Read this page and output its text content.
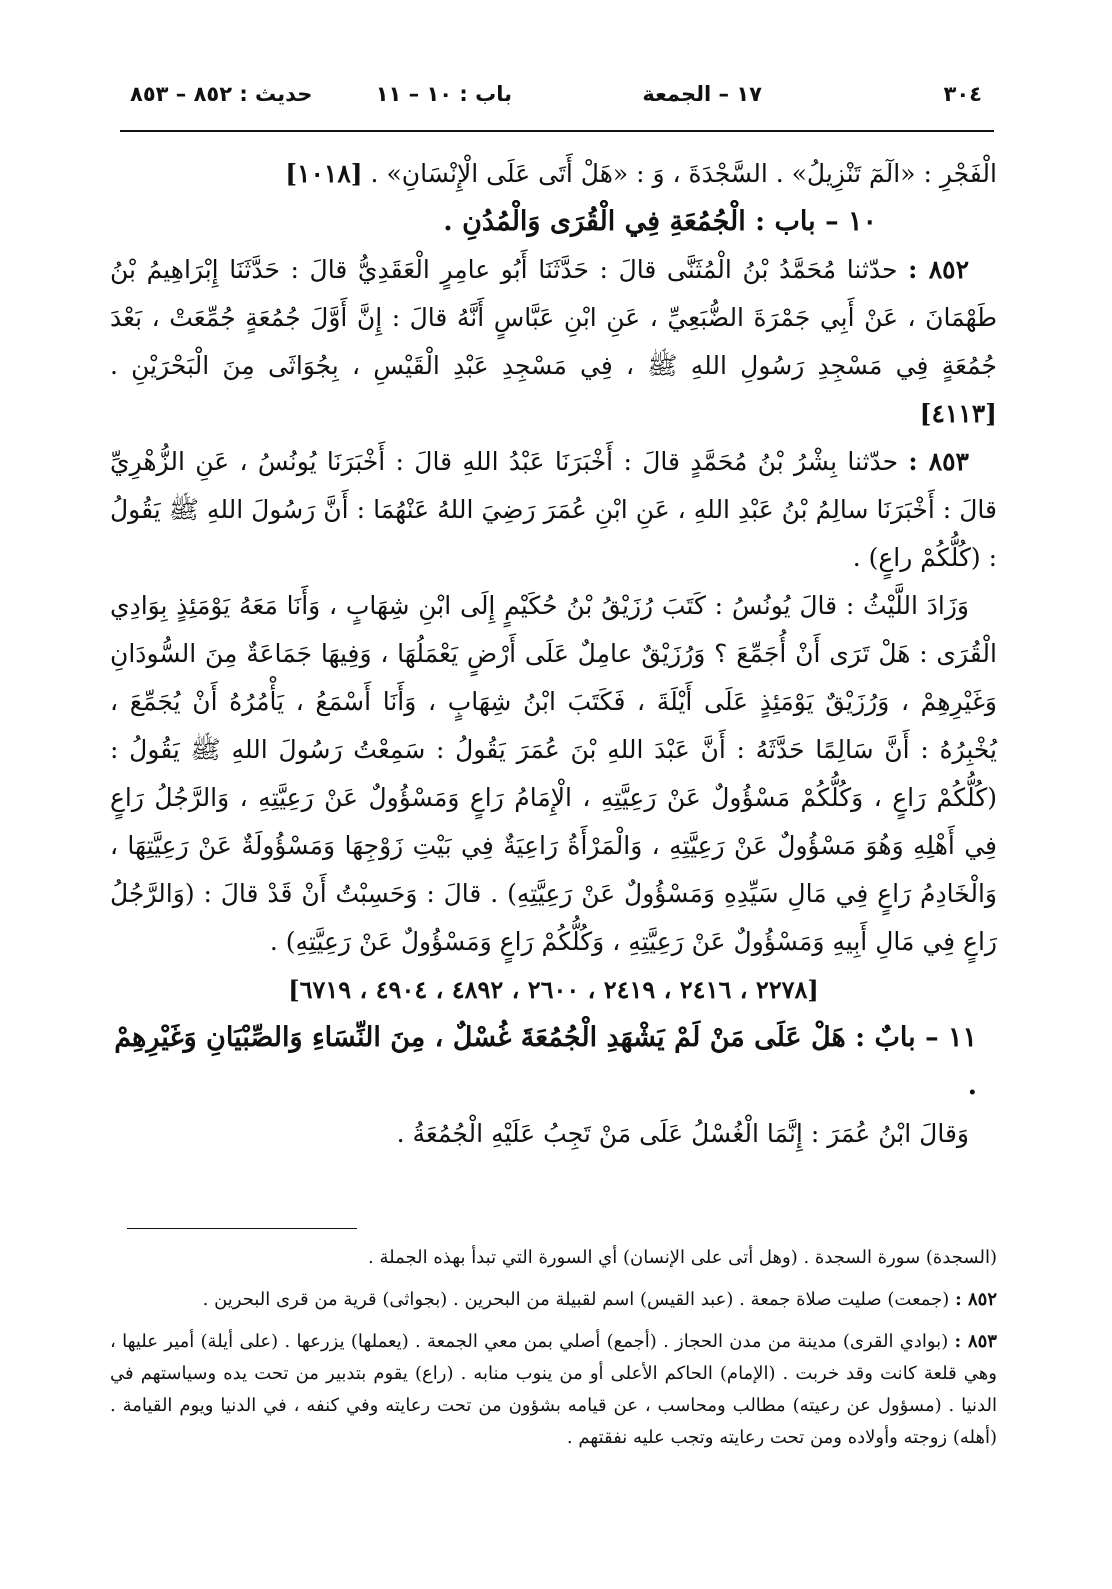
٣٠٤
١٧ – الجمعة
باب : ١٠ – ١١
حديث : ٨٥٢ – ٨٥٣

الْفَجْرِ : «الٓمٓ تَنْزِيلُ» . السَّجْدَةَ ، وَ : «هَلْ أَتَى عَلَى الْإِنْسَانِ» . [١٠١٨]

١٠ – باب : الْجُمُعَةِ فِي الْقُرَى وَالْمُدُنِ .

٨٥٢ : حدّثنا مُحَمَّدُ بْنُ الْمُثَنَّى قالَ : حَدَّثَنَا أَبُو عامِرٍ الْعَقَدِيُّ قالَ : حَدَّثَنَا إِبْرَاهِيمُ بْنُ طَهْمَانَ ، عَنْ أَبِي جَمْرَةَ الضُّبَعِيِّ ، عَنِ ابْنِ عَبَّاسٍ أَنَّهُ قالَ : إِنَّ أَوَّلَ جُمُعَةٍ جُمِّعَتْ ، بَعْدَ جُمُعَةٍ فِي مَسْجِدِ رَسُولِ اللهِ ﷺ ، فِي مَسْجِدِ عَبْدِ الْقَيْسِ ، بِجُوَاثَى مِنَ الْبَحْرَيْنِ . [٤١١٣]

٨٥٣ : حدّثنا بِشْرُ بْنُ مُحَمَّدٍ قالَ : أَخْبَرَنَا عَبْدُ اللهِ قالَ : أَخْبَرَنَا يُونُسُ ، عَنِ الزُّهْرِيِّ قالَ : أَخْبَرَنَا سالِمُ بْنُ عَبْدِ اللهِ ، عَنِ ابْنِ عُمَرَ رَضِيَ اللهُ عَنْهُمَا : أَنَّ رَسُولَ اللهِ ﷺ يَقُولُ : (كُلُّكُمْ راعٍ) .

وَزَادَ اللَّيْثُ : قالَ يُونُسُ : كَتَبَ رُزَيْقُ بْنُ حُكَيْمٍ إِلَى ابْنِ شِهَابٍ ، وَأَنَا مَعَهُ يَوْمَئِذٍ بِوَادِي الْقُرَى : هَلْ تَرَى أَنْ أُجَمِّعَ ؟ وَرُزَيْقٌ عامِلٌ عَلَى أَرْضٍ يَعْمَلُهَا ، وَفِيهَا جَمَاعَةٌ مِنَ السُّودَانِ وَغَيْرِهِمْ ، وَرُزَيْقٌ يَوْمَئِذٍ عَلَى أَيْلَةَ ، فَكَتَبَ ابْنُ شِهَابٍ ، وَأَنَا أَسْمَعُ ، يَأْمُرُهُ أَنْ يُجَمِّعَ ، يُخْبِرُهُ : أَنَّ سَالِمًا حَدَّثَهُ : أَنَّ عَبْدَ اللهِ بْنَ عُمَرَ يَقُولُ : سَمِعْتُ رَسُولَ اللهِ ﷺ يَقُولُ : (كُلُّكُمْ رَاعٍ ، وَكُلُّكُمْ مَسْؤُولٌ عَنْ رَعِيَّتِهِ ، الْإِمَامُ رَاعٍ وَمَسْؤُولٌ عَنْ رَعِيَّتِهِ ، وَالرَّجُلُ رَاعٍ فِي أَهْلِهِ وَهُوَ مَسْؤُولٌ عَنْ رَعِيَّتِهِ ، وَالْمَرْأَةُ رَاعِيَةٌ فِي بَيْتِ زَوْجِهَا وَمَسْؤُولَةٌ عَنْ رَعِيَّتِهَا ، وَالْخَادِمُ رَاعٍ فِي مَالِ سَيِّدِهِ وَمَسْؤُولٌ عَنْ رَعِيَّتِهِ) . قالَ : وَحَسِبْتُ أَنْ قَدْ قالَ : (وَالرَّجُلُ رَاعٍ فِي مَالِ أَبِيهِ وَمَسْؤُولٌ عَنْ رَعِيَّتِهِ ، وَكُلُّكُمْ رَاعٍ وَمَسْؤُولٌ عَنْ رَعِيَّتِهِ) .

[٢٢٧٨ ، ٢٤١٦ ، ٢٤١٩ ، ٢٦٠٠ ، ٤٨٩٢ ، ٤٩٠٤ ، ٦٧١٩]

١١ – بابٌ : هَلْ عَلَى مَنْ لَمْ يَشْهَدِ الْجُمُعَةَ غُسْلٌ ، مِنَ النِّسَاءِ وَالصِّبْيَانِ وَغَيْرِهِمْ .

وَقالَ ابْنُ عُمَرَ : إِنَّمَا الْغُسْلُ عَلَى مَنْ تَجِبُ عَلَيْهِ الْجُمُعَةُ .

(السجدة) سورة السجدة . (وهل أتى على الإنسان) أي السورة التي تبدأ بهذه الجملة .

٨٥٢ : (جمعت) صليت صلاة جمعة . (عبد القيس) اسم لقبيلة من البحرين . (بجواثى) قرية من قرى البحرين .

٨٥٣ : (بوادي القرى) مدينة من مدن الحجاز . (أجمع) أصلي بمن معي الجمعة . (يعملها) يزرعها . (على أيلة) أمير عليها ، وهي قلعة كانت وقد خربت . (الإمام) الحاكم الأعلى أو من ينوب منابه . (راع) يقوم بتدبير من تحت يده وسياستهم في الدنيا . (مسؤول عن رعيته) مطالب ومحاسب ، عن قيامه بشؤون من تحت رعايته وفي كنفه ، في الدنيا ويوم القيامة . (أهله) زوجته وأولاده ومن تحت رعايته وتجب عليه نفقتهم .
